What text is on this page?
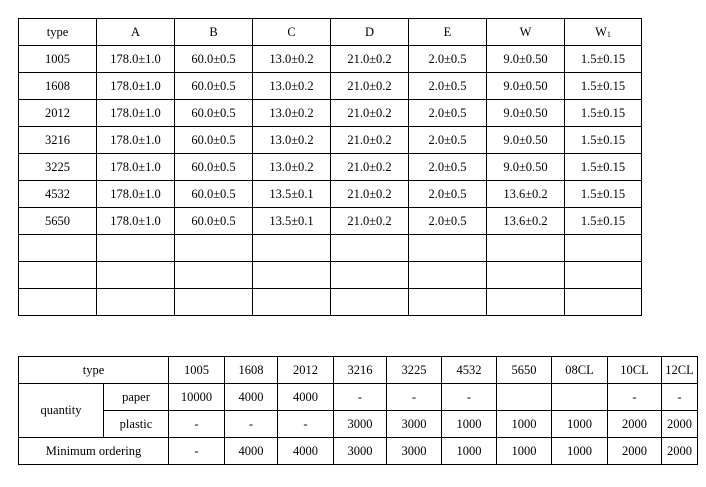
type	A	B	C	D	E	W	$W_1$
1005	178.0±1.0	60.0±0.5	13.0±0.2	21.0±0.2	2.0±0.5	9.0±0.50	1.5±0.15
1608	178.0±1.0	60.0±0.5	13.0±0.2	21.0±0.2	2.0±0.5	9.0±0.50	1.5±0.15
2012	178.0±1.0	60.0±0.5	13.0±0.2	21.0±0.2	2.0±0.5	9.0±0.50	1.5±0.15
3216	178.0±1.0	60.0±0.5	13.0±0.2	21.0±0.2	2.0±0.5	9.0±0.50	1.5±0.15
3225	178.0±1.0	60.0±0.5	13.0±0.2	21.0±0.2	2.0±0.5	9.0±0.50	1.5±0.15
4532	178.0±1.0	60.0±0.5	13.5±0.1	21.0±0.2	2.0±0.5	13.6±0.2	1.5±0.15
5650	178.0±1.0	60.0±0.5	13.5±0.1	21.0±0.2	2.0±0.5	13.6±0.2	1.5±0.15

type		1005	1608	2012	3216	3225	4532	5650	08CL	10CL	12CL
quantity	paper	10000	4000	4000	-	-	-			-	-
	plastic	-	-	-	3000	3000	1000	1000	1000	2000	2000
Minimum ordering		-	4000	4000	3000	3000	1000	1000	1000	2000	2000
